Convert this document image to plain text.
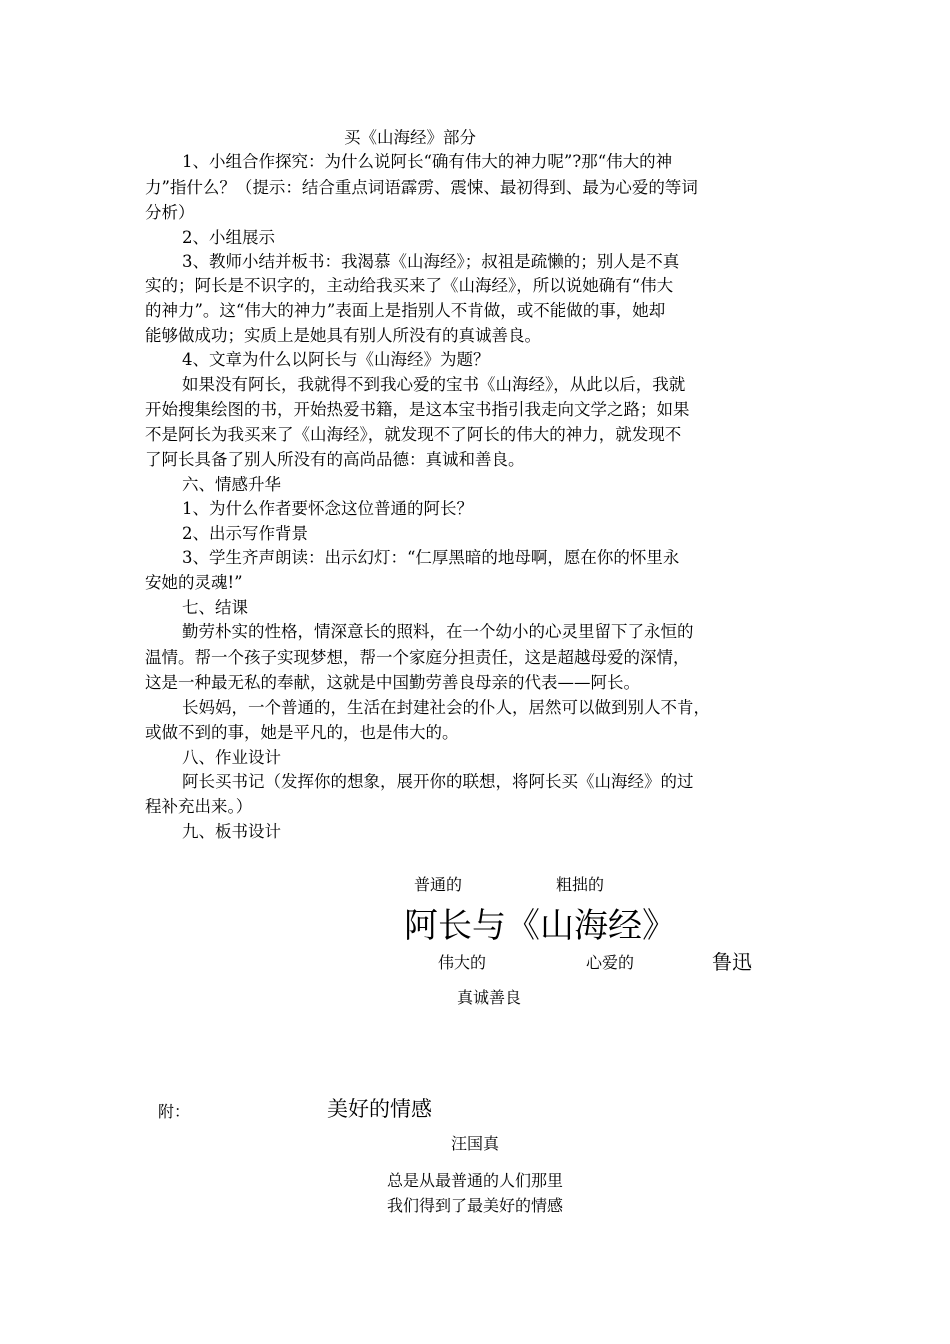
买《山海经》部分
1、小组合作探究：为什么说阿长“确有伟大的神力呢”?那“伟大的神
力”指什么？（提示：结合重点词语霹雳、震悚、最初得到、最为心爱的等词
分析）
2、小组展示
3、教师小结并板书：我渴慕《山海经》；叔祖是疏懒的；别人是不真
实的；阿长是不识字的，主动给我买来了《山海经》，所以说她确有“伟大
的神力”。这“伟大的神力”表面上是指别人不肯做，或不能做的事，她却
能够做成功；实质上是她具有别人所没有的真诚善良。
4、文章为什么以阿长与《山海经》为题？
如果没有阿长，我就得不到我心爱的宝书《山海经》，从此以后，我就
开始搜集绘图的书，开始热爱书籍，是这本宝书指引我走向文学之路；如果
不是阿长为我买来了《山海经》，就发现不了阿长的伟大的神力，就发现不
了阿长具备了别人所没有的高尚品德：真诚和善良。
六、情感升华
1、为什么作者要怀念这位普通的阿长？
2、出示写作背景
3、学生齐声朗读：出示幻灯：“仁厚黑暗的地母啊，愿在你的怀里永
安她的灵魂!”
七、结课
勤劳朴实的性格，情深意长的照料，在一个幼小的心灵里留下了永恒的
温情。帮一个孩子实现梦想，帮一个家庭分担责任，这是超越母爱的深情，
这是一种最无私的奉献，这就是中国勤劳善良母亲的代表——阿长。
长妈妈，一个普通的，生活在封建社会的仆人，居然可以做到别人不肯，
或做不到的事，她是平凡的，也是伟大的。
八、作业设计
阿长买书记（发挥你的想象，展开你的联想，将阿长买《山海经》的过
程补充出来。）
九、板书设计
普通的	粗拙的
阿长与《山海经》
伟大的	心爱的	鲁迅
真诚善良
附：	美好的情感
汪国真
总是从最普通的人们那里
我们得到了最美好的情感
